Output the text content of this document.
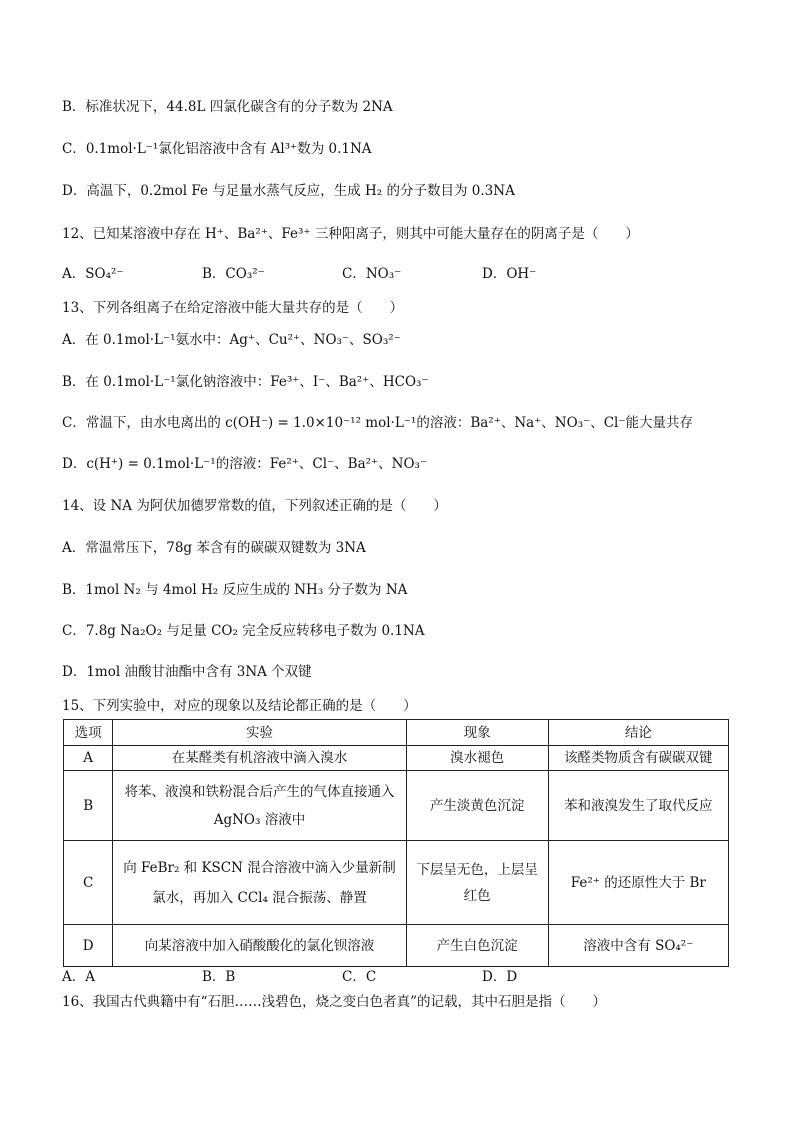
B．标准状况下，44.8L 四氯化碳含有的分子数为 2NA
C．0.1mol·L⁻¹氯化铝溶液中含有 Al³⁺数为 0.1NA
D．高温下，0.2mol Fe 与足量水蒸气反应，生成 H₂ 的分子数目为 0.3NA
12、已知某溶液中存在 H⁺、Ba²⁺、Fe³⁺ 三种阳离子，则其中可能大量存在的阴离子是（　　）
A．SO₄²⁻	B．CO₃²⁻	C．NO₃⁻	D．OH⁻
13、下列各组离子在给定溶液中能大量共存的是（　　）
A．在 0.1mol·L⁻¹氨水中：Ag⁺、Cu²⁺、NO₃⁻、SO₃²⁻
B．在 0.1mol·L⁻¹氯化钠溶液中：Fe³⁺、I⁻、Ba²⁺、HCO₃⁻
C．常温下，由水电离出的 c(OH⁻) = 1.0×10⁻¹² mol·L⁻¹的溶液：Ba²⁺、Na⁺、NO₃⁻、Cl⁻能大量共存
D．c(H⁺) = 0.1mol·L⁻¹的溶液：Fe²⁺、Cl⁻、Ba²⁺、NO₃⁻
14、设 NA 为阿伏加德罗常数的值，下列叙述正确的是（　　）
A．常温常压下，78g 苯含有的碳碳双键数为 3NA
B．1mol N₂ 与 4mol H₂ 反应生成的 NH₃ 分子数为 NA
C．7.8g Na₂O₂ 与足量 CO₂ 完全反应转移电子数为 0.1NA
D．1mol 油酸甘油酯中含有 3NA 个双键
15、下列实验中，对应的现象以及结论都正确的是（　　）
选项	实验	现象	结论
A	在某醛类有机溶液中滴入溴水	溴水褪色	该醛类物质含有碳碳双键
B	将苯、液溴和铁粉混合后产生的气体直接通入 AgNO₃ 溶液中	产生淡黄色沉淀	苯和液溴发生了取代反应
C	向 FeBr₂ 和 KSCN 混合溶液中滴入少量新制氯水，再加入 CCl₄ 混合振荡、静置	下层呈无色，上层呈红色	Fe²⁺ 的还原性大于 Br
D	向某溶液中加入硝酸酸化的氯化钡溶液	产生白色沉淀	溶液中含有 SO₄²⁻
A．A	B．B	C．C	D．D
16、我国古代典籍中有“石胆……浅碧色，烧之变白色者真”的记载，其中石胆是指（　　）
